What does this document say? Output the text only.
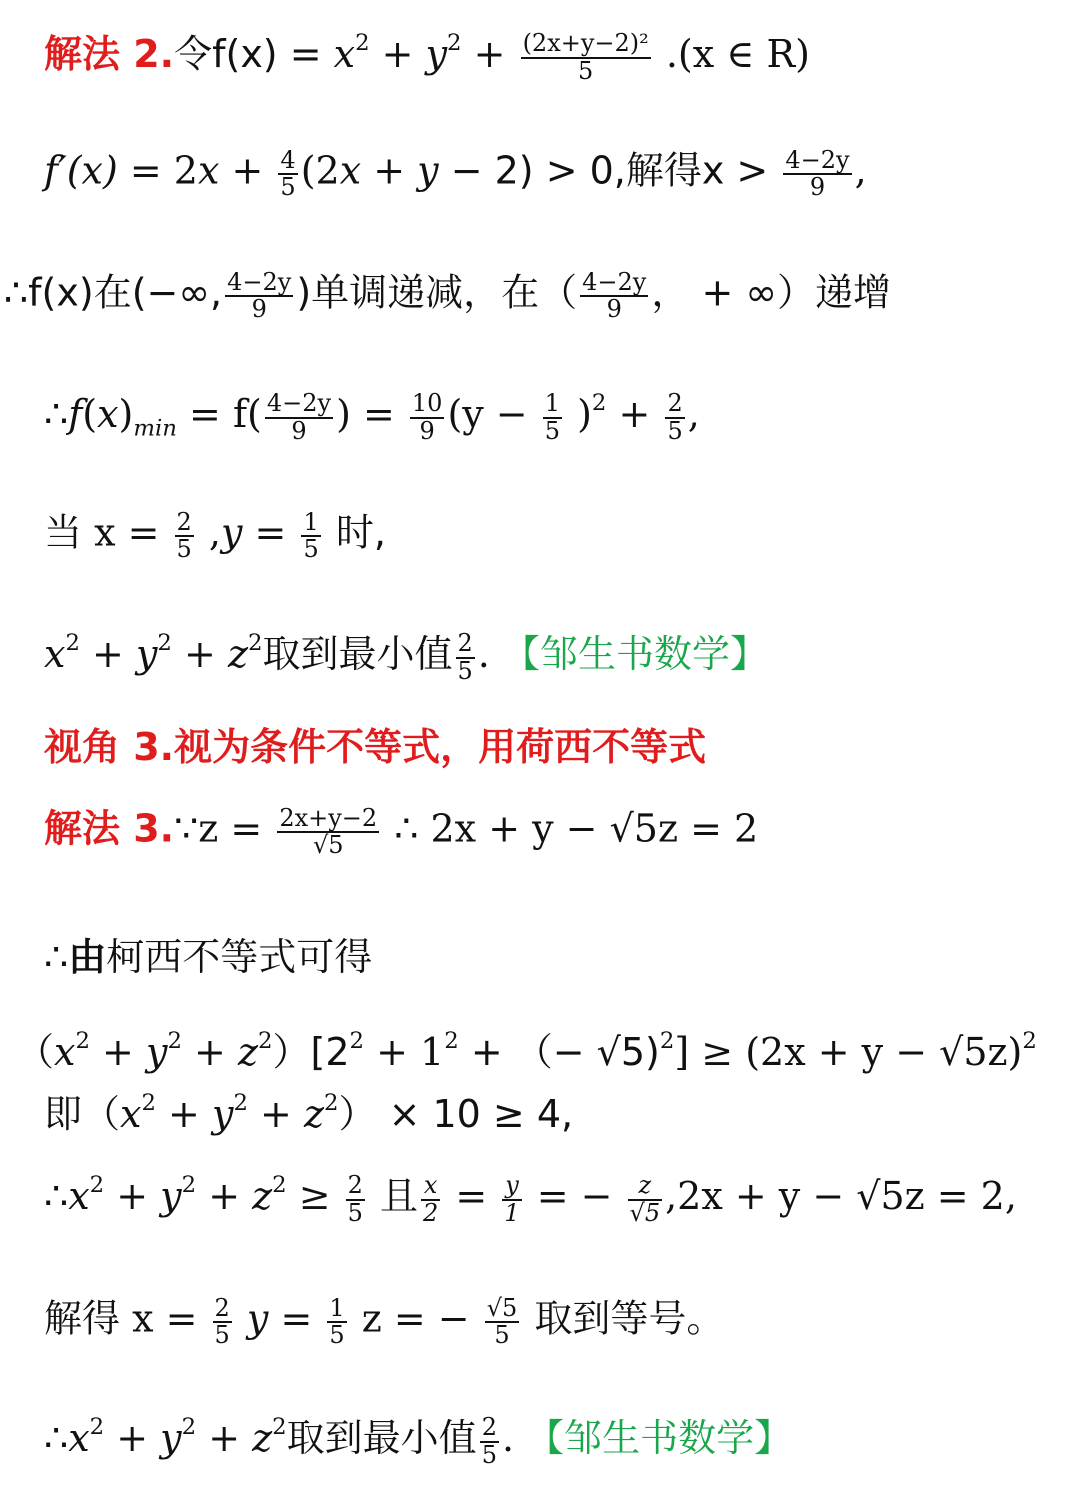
解法 2.令$f(x) = x^2 + y^2 + \frac{\text{(2x+y−2)²}}{5} .(x$ ∈ R)
$f'(x) = 2x + \frac{4}{5} (2x + y - 2) > 0$,解得$x > \frac{4-2y}{9}$ ,
∴f(x)在(−∞, $\frac{4-2y}{9}$ )单调递减，在（ $\frac{4-2y}{9}$ ， + ∞）递增
$\therefore f(x)_{min} = f( \frac{4-2y}{9}$ ) = $\frac{10}{9} (y - \frac{1}{5} )^2 + \frac{2}{5}$ ,
当 $x = \frac{2}{5} ,y = \frac{1}{5}$ 时,
$x^2 + y^2 + z^2$取到最小值 $\frac{2}{5}$ . 【邹生书数学】
视角 3.视为条件不等式，用荷西不等式
解法 3.∵z = $\frac{2x+y-2}{√5}$ ∴ 2x + y − √5z = 2
∴由柯西不等式可得
$(x^2 + y^2 + z^2)[2^2 + 1^2$ + （− $√5)^2] \ge (2x + y - √5z)^2$
即$(x^2 + y^2 + z^2) \times 10 \ge 4$,
$\therefore x^2 + y^2 + z^2 \ge \frac{2}{5}$ 且 $\frac{x}{2} = \frac{y}{1}$ = − $\frac{z}{√5} ,2x + y - √5z = 2$,
解得 $x = \frac{2}{5}$ $y = \frac{1}{5}$ z = − $\frac{√5}{5}$ 取到等号。
$\therefore x^2 + y^2 + z^2$取到最小值 $\frac{2}{5}$ . 【邹生书数学】
